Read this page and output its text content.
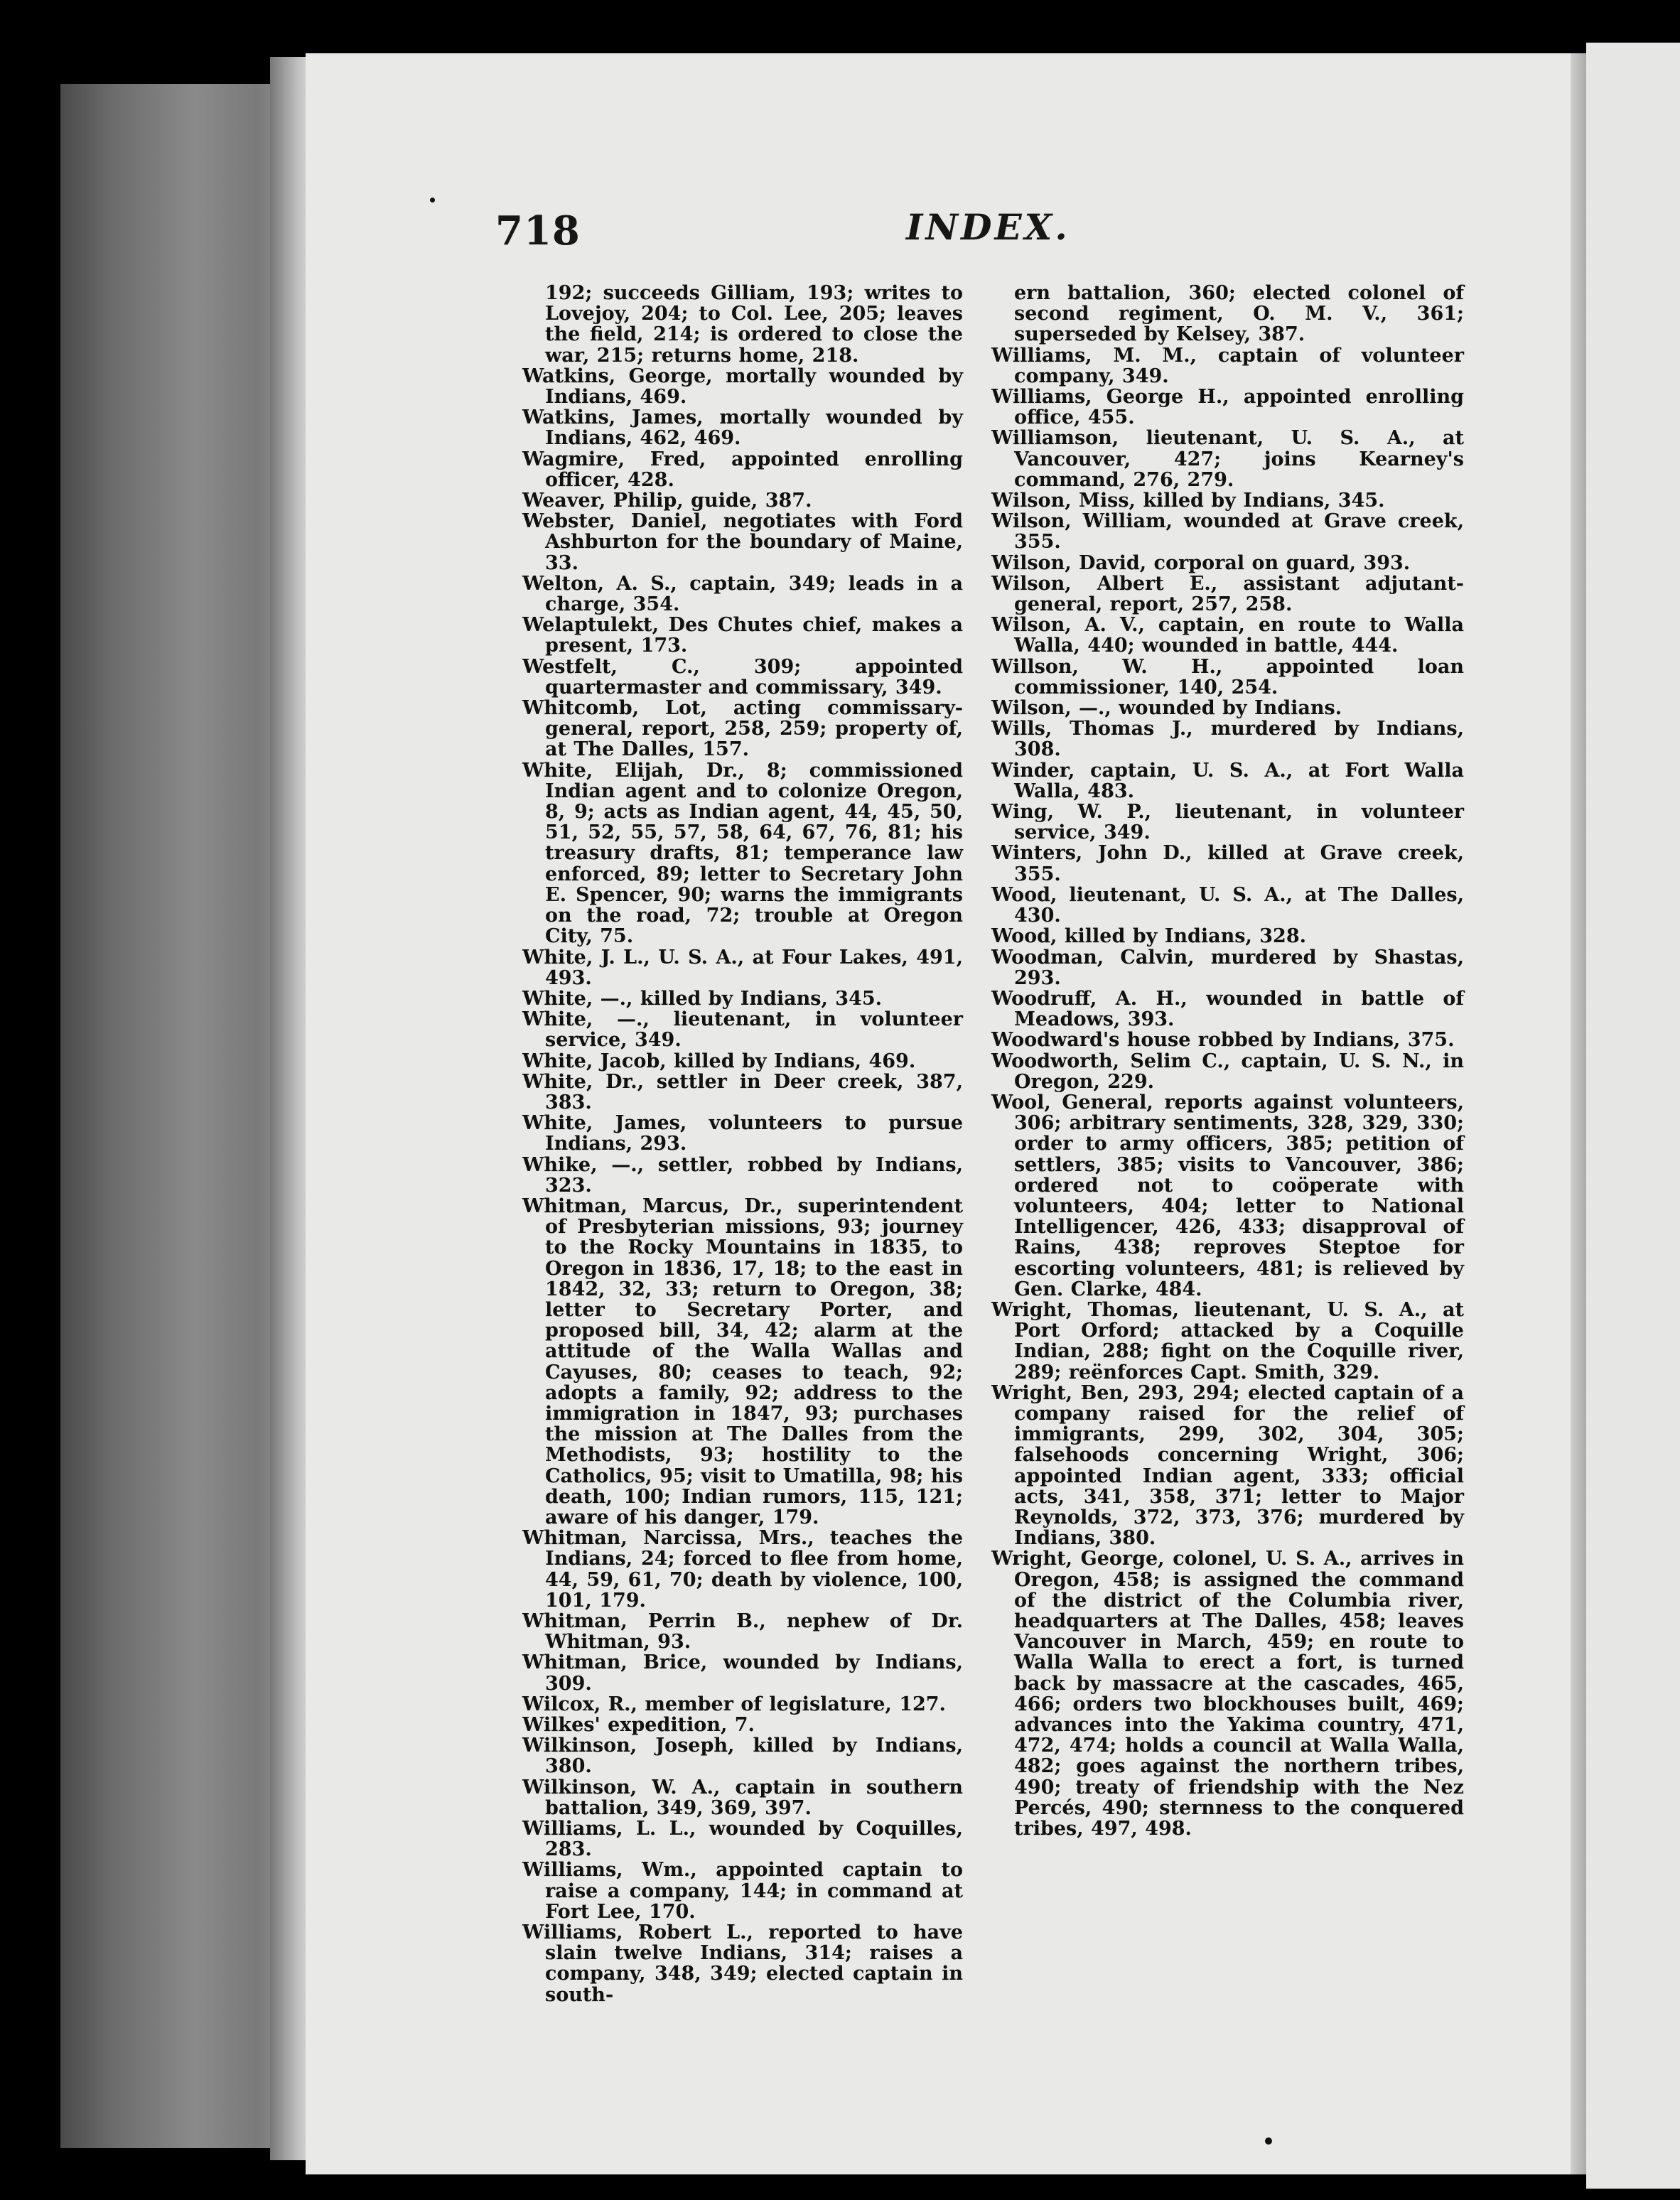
718	INDEX.

192; succeeds Gilliam, 193; writes to Lovejoy, 204; to Col. Lee, 205; leaves the field, 214; is ordered to close the war, 215; returns home, 218.

Watkins, George, mortally wounded by Indians, 469.

Watkins, James, mortally wounded by Indians, 462, 469.

Wagmire, Fred, appointed enrolling officer, 428.

Weaver, Philip, guide, 387.

Webster, Daniel, negotiates with Ford Ashburton for the boundary of Maine, 33.

Welton, A. S., captain, 349; leads in a charge, 354.

Welaptulekt, Des Chutes chief, makes a present, 173.

Westfelt, C., 309; appointed quartermaster and commissary, 349.

Whitcomb, Lot, acting commissary-general, report, 258, 259; property of, at The Dalles, 157.

White, Elijah, Dr., 8; commissioned Indian agent and to colonize Oregon, 8, 9; acts as Indian agent, 44, 45, 50, 51, 52, 55, 57, 58, 64, 67, 76, 81; his treasury drafts, 81; temperance law enforced, 89; letter to Secretary John E. Spencer, 90; warns the immigrants on the road, 72; trouble at Oregon City, 75.

White, J. L., U. S. A., at Four Lakes, 491, 493.

White, —., killed by Indians, 345.

White, —., lieutenant, in volunteer service, 349.

White, Jacob, killed by Indians, 469.

White, Dr., settler in Deer creek, 387, 383.

White, James, volunteers to pursue Indians, 293.

Whike, —., settler, robbed by Indians, 323.

Whitman, Marcus, Dr., superintendent of Presbyterian missions, 93; journey to the Rocky Mountains in 1835, to Oregon in 1836, 17, 18; to the east in 1842, 32, 33; return to Oregon, 38; letter to Secretary Porter, and proposed bill, 34, 42; alarm at the attitude of the Walla Wallas and Cayuses, 80; ceases to teach, 92; adopts a family, 92; address to the immigration in 1847, 93; purchases the mission at The Dalles from the Methodists, 93; hostility to the Catholics, 95; visit to Umatilla, 98; his death, 100; Indian rumors, 115, 121; aware of his danger, 179.

Whitman, Narcissa, Mrs., teaches the Indians, 24; forced to flee from home, 44, 59, 61, 70; death by violence, 100, 101, 179.

Whitman, Perrin B., nephew of Dr. Whitman, 93.

Whitman, Brice, wounded by Indians, 309.

Wilcox, R., member of legislature, 127.

Wilkes' expedition, 7.

Wilkinson, Joseph, killed by Indians, 380.

Wilkinson, W. A., captain in southern battalion, 349, 369, 397.

Williams, L. L., wounded by Coquilles, 283.

Williams, Wm., appointed captain to raise a company, 144; in command at Fort Lee, 170.

Williams, Robert L., reported to have slain twelve Indians, 314; raises a company, 348, 349; elected captain in south-

ern battalion, 360; elected colonel of second regiment, O. M. V., 361; superseded by Kelsey, 387.

Williams, M. M., captain of volunteer company, 349.

Williams, George H., appointed enrolling office, 455.

Williamson, lieutenant, U. S. A., at Vancouver, 427; joins Kearney's command, 276, 279.

Wilson, Miss, killed by Indians, 345.

Wilson, William, wounded at Grave creek, 355.

Wilson, David, corporal on guard, 393.

Wilson, Albert E., assistant adjutant-general, report, 257, 258.

Wilson, A. V., captain, en route to Walla Walla, 440; wounded in battle, 444.

Willson, W. H., appointed loan commissioner, 140, 254.

Wilson, —., wounded by Indians.

Wills, Thomas J., murdered by Indians, 308.

Winder, captain, U. S. A., at Fort Walla Walla, 483.

Wing, W. P., lieutenant, in volunteer service, 349.

Winters, John D., killed at Grave creek, 355.

Wood, lieutenant, U. S. A., at The Dalles, 430.

Wood, killed by Indians, 328.

Woodman, Calvin, murdered by Shastas, 293.

Woodruff, A. H., wounded in battle of Meadows, 393.

Woodward's house robbed by Indians, 375.

Woodworth, Selim C., captain, U. S. N., in Oregon, 229.

Wool, General, reports against volunteers, 306; arbitrary sentiments, 328, 329, 330; order to army officers, 385; petition of settlers, 385; visits to Vancouver, 386; ordered not to coöperate with volunteers, 404; letter to National Intelligencer, 426, 433; disapproval of Rains, 438; reproves Steptoe for escorting volunteers, 481; is relieved by Gen. Clarke, 484.

Wright, Thomas, lieutenant, U. S. A., at Port Orford; attacked by a Coquille Indian, 288; fight on the Coquille river, 289; reënforces Capt. Smith, 329.

Wright, Ben, 293, 294; elected captain of a company raised for the relief of immigrants, 299, 302, 304, 305; falsehoods concerning Wright, 306; appointed Indian agent, 333; official acts, 341, 358, 371; letter to Major Reynolds, 372, 373, 376; murdered by Indians, 380.

Wright, George, colonel, U. S. A., arrives in Oregon, 458; is assigned the command of the district of the Columbia river, headquarters at The Dalles, 458; leaves Vancouver in March, 459; en route to Walla Walla to erect a fort, is turned back by massacre at the cascades, 465, 466; orders two blockhouses built, 469; advances into the Yakima country, 471, 472, 474; holds a council at Walla Walla, 482; goes against the northern tribes, 490; treaty of friendship with the Nez Percés, 490; sternness to the conquered tribes, 497, 498.
